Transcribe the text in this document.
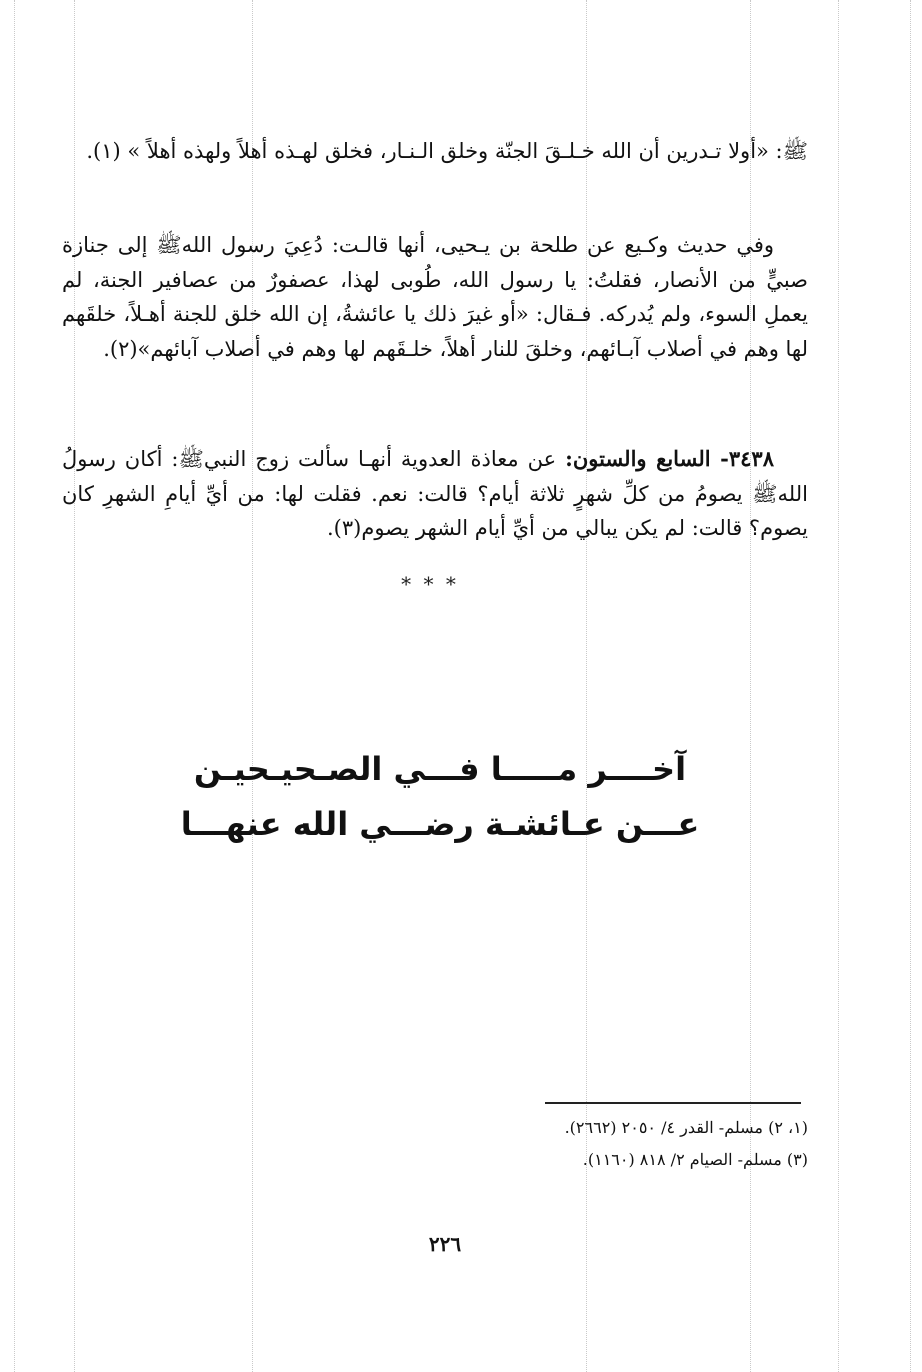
ﷺ: «أولا تـدرين أن الله خـلـقَ الجنّة وخلق الـنـار، فخلق لهـذه أهلاً ولهذه أهلاً » (١).

وفي حديث وكـيع عن طلحة بن يـحيى، أنها قالـت: دُعِيَ رسول اللهﷺ إلى جنازة صبيٍّ من الأنصار، فقلتُ: يا رسول الله، طُوبى لهذا، عصفورٌ من عصافير الجنة، لم يعملِ السوء، ولم يُدركه. فـقال: «أو غيرَ ذلك يا عائشةُ، إن الله خلق للجنة أهـلاً، خلقَهم لها وهم في أصلاب آبـائهم، وخلقَ للنار أهلاً، خلـقَهم لها وهم في أصلاب آبائهم»(٢).

٣٤٣٨- السابع والستون: عن معاذة العدوية أنهـا سألت زوج النبيﷺ: أكان رسولُ اللهﷺ يصومُ من كلِّ شهرٍ ثلاثة أيام؟ قالت: نعم. فقلت لها: من أيِّ أيامِ الشهرِ كان يصوم؟ قالت: لم يكن يبالي من أيِّ أيام الشهر يصوم(٣).

* * *
آخــــر مـــــا فـــي الصـحيـحيـن
عـــن عـائشـة رضـــي الله عنهـــا
(١، ٢) مسلم- القدر ٤/ ٢٠٥٠ (٢٦٦٢).
(٣) مسلم- الصيام ٢/ ٨١٨ (١١٦٠).
٢٢٦
